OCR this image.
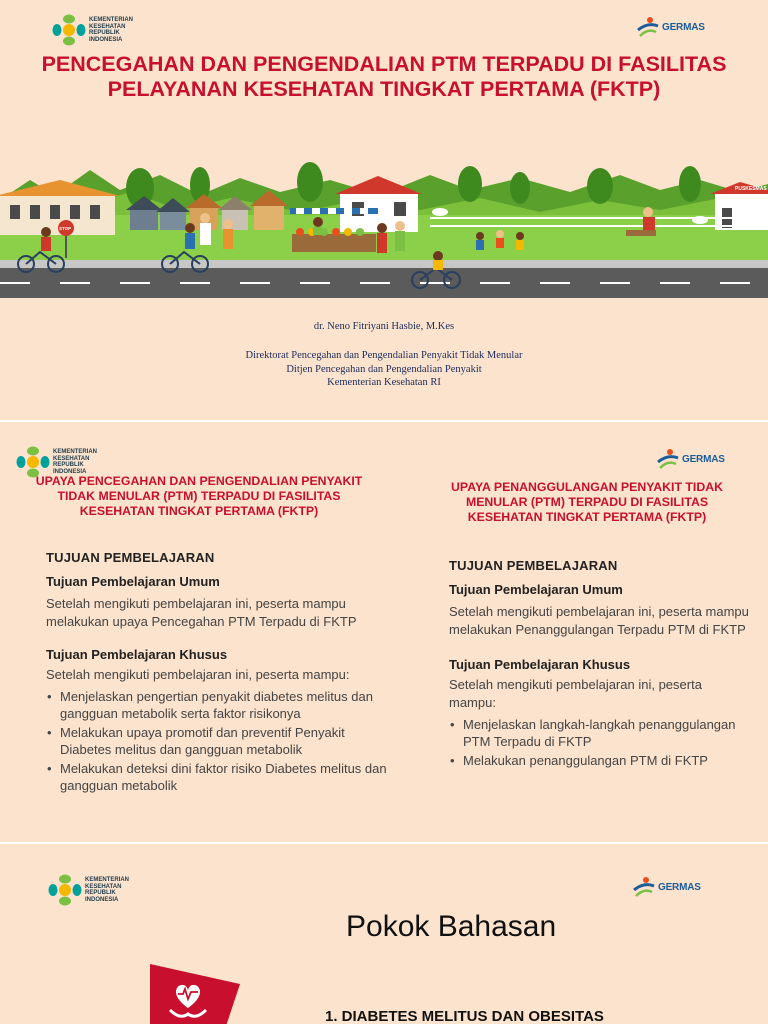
KEMENTERIAN
KESEHATAN
REPUBLIK
INDONESIA
GERMAS
PENCEGAHAN DAN PENGENDALIAN PTM TERPADU DI FASILITAS PELAYANAN KESEHATAN TINGKAT PERTAMA (FKTP)
PUSKESMAS
STOP
dr. Neno Fitriyani Hasbie, M.Kes
Direktorat Pencegahan dan Pengendalian Penyakit Tidak Menular
Ditjen Pencegahan dan Pengendalian Penyakit
Kementerian Kesehatan RI
KEMENTERIAN
KESEHATAN
REPUBLIK
INDONESIA
GERMAS
UPAYA PENCEGAHAN DAN PENGENDALIAN PENYAKIT TIDAK MENULAR (PTM) TERPADU DI FASILITAS KESEHATAN TINGKAT PERTAMA (FKTP)
TUJUAN PEMBELAJARAN
Tujuan Pembelajaran Umum
Setelah mengikuti pembelajaran ini, peserta mampu melakukan upaya Pencegahan PTM Terpadu di FKTP
Tujuan Pembelajaran Khusus
Setelah mengikuti pembelajaran ini, peserta mampu:
• Menjelaskan pengertian penyakit diabetes melitus dan gangguan metabolik serta faktor risikonya
• Melakukan upaya promotif dan preventif Penyakit Diabetes melitus dan gangguan metabolik
• Melakukan deteksi dini faktor risiko Diabetes melitus dan gangguan metabolik
UPAYA PENANGGULANGAN PENYAKIT TIDAK MENULAR (PTM) TERPADU DI FASILITAS KESEHATAN TINGKAT PERTAMA (FKTP)
TUJUAN PEMBELAJARAN
Tujuan Pembelajaran Umum
Setelah mengikuti pembelajaran ini, peserta mampu melakukan Penanggulangan Terpadu PTM di FKTP
Tujuan Pembelajaran Khusus
Setelah mengikuti pembelajaran ini, peserta mampu:
• Menjelaskan langkah-langkah penanggulangan PTM Terpadu di FKTP
• Melakukan penanggulangan PTM di FKTP
KEMENTERIAN
KESEHATAN
REPUBLIK
INDONESIA
GERMAS
Pokok Bahasan
1. DIABETES MELITUS DAN OBESITAS
